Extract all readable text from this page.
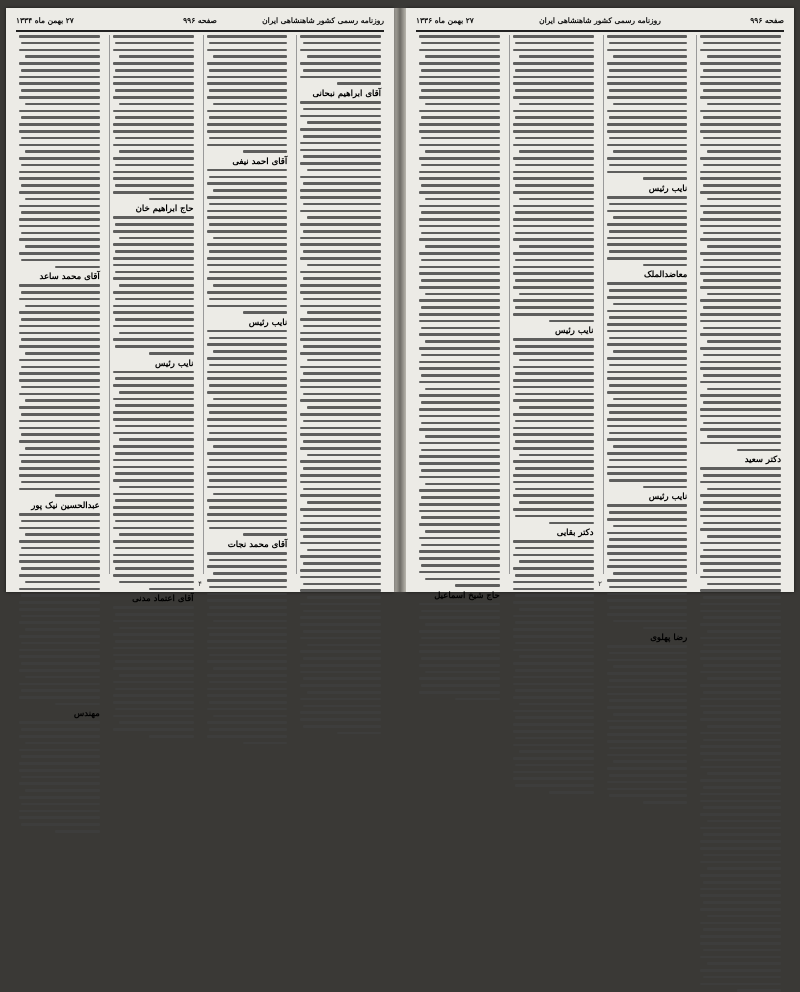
صفحه ۹۹۶
روزنامه رسمی کشور شاهنشاهی ایران
۲۷ بهمن ماه ۱۳۳۶
دکتر سعید
نایب رئیس
معاضدالملک
نایب رئیس
رضا پهلوی
نایب رئیس
دکتر بقایی
حاج شیخ اسماعیل
۲
روزنامه رسمی کشور شاهنشاهی ایران
صفحه ۹۹۶
۲۷ بهمن ماه ۱۳۳۴
آقای ابراهیم نبحانی
آقای احمد نیفی
نایب رئیس
آقای محمد نجات
حاج ابراهیم خان
نایب رئیس
آقای اعتماد مدنی
آقای محمد ساعد
عبدالحسین نیک پور
مهندس
۴
